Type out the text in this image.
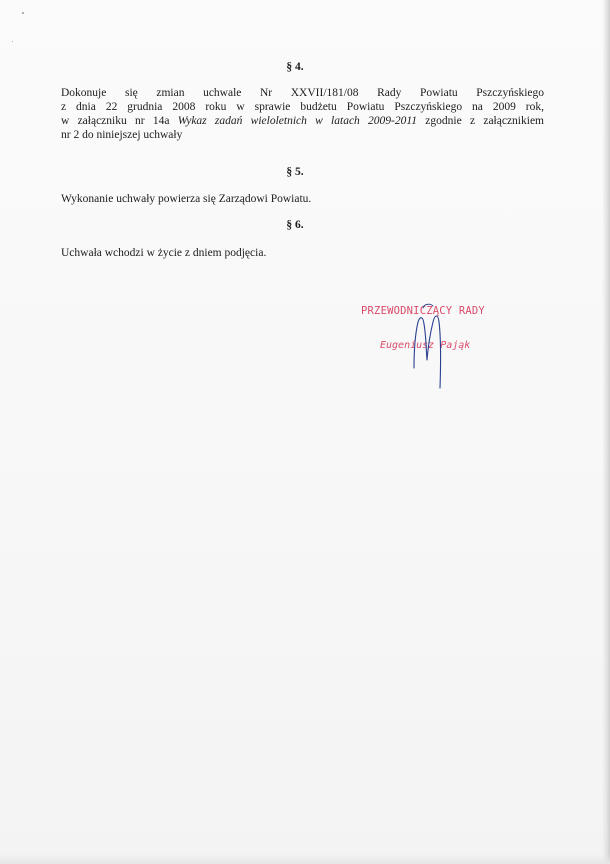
§ 4.
Dokonuje się zmian uchwale Nr XXVII/181/08 Rady Powiatu Pszczyńskiego
z dnia 22 grudnia 2008 roku w sprawie budżetu Powiatu Pszczyńskiego na 2009 rok,
w załączniku nr 14a Wykaz zadań wieloletnich w latach 2009-2011 zgodnie z załącznikiem
nr 2 do niniejszej uchwały
§ 5.

Wykonanie uchwały powierza się Zarządowi Powiatu.

§ 6.

Uchwała wchodzi w życie z dniem podjęcia.

PRZEWODNICZĄCY RADY
Eugeniusz Pająk
